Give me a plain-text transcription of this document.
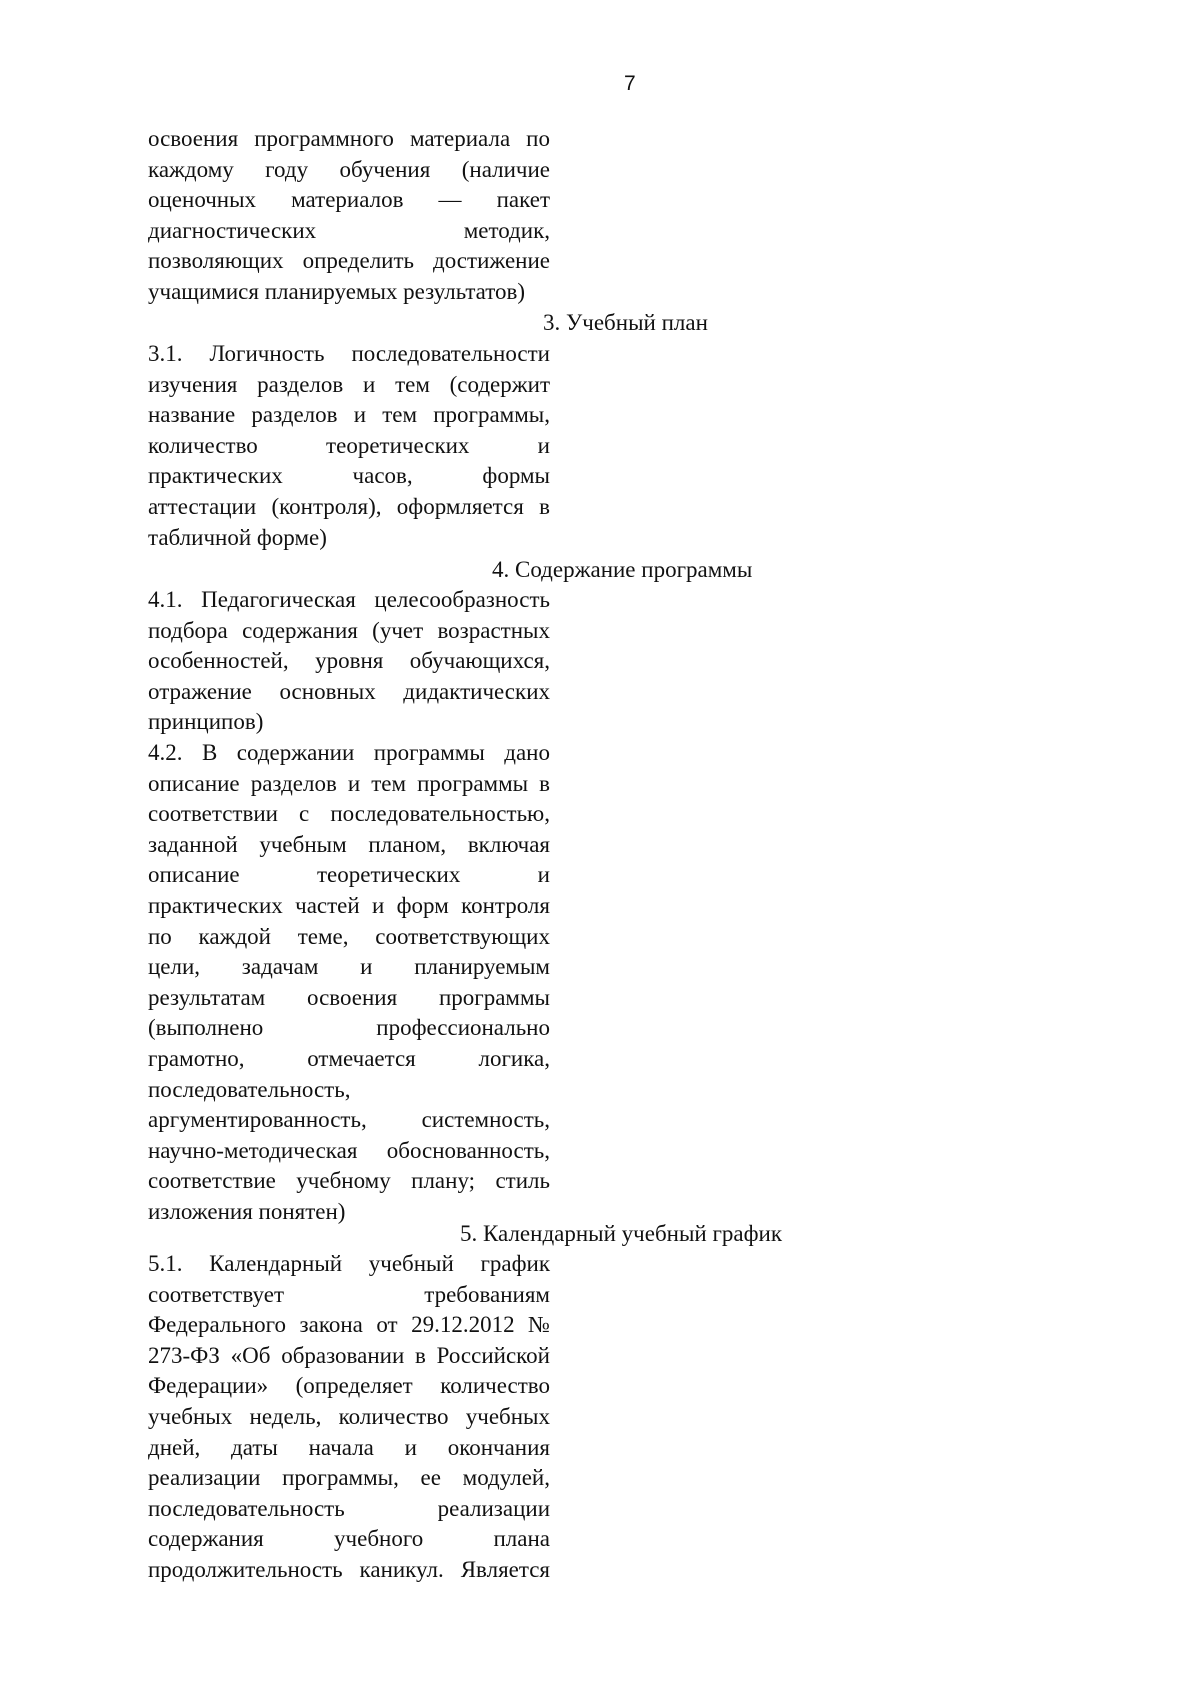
7
освоения программного материала по
каждому году обучения (наличие
оценочных материалов — пакет
диагностических методик,
позволяющих определить достижение
учащимися планируемых результатов)
3. Учебный план
3.1. Логичность последовательности
изучения разделов и тем (содержит
название разделов и тем программы,
количество теоретических и
практических часов, формы
аттестации (контроля), оформляется в
табличной форме)
4. Содержание программы
4.1. Педагогическая целесообразность
подбора содержания (учет возрастных
особенностей, уровня обучающихся,
отражение основных дидактических
принципов)
4.2. В содержании программы дано
описание разделов и тем программы в
соответствии с последовательностью,
заданной учебным планом, включая
описание теоретических и
практических частей и форм контроля
по каждой теме, соответствующих
цели, задачам и планируемым
результатам освоения программы
(выполнено профессионально
грамотно, отмечается логика,
последовательность,
аргументированность, системность,
научно-методическая обоснованность,
соответствие учебному плану; стиль
изложения понятен)
5. Календарный учебный график
5.1. Календарный учебный график
соответствует требованиям
Федерального закона от 29.12.2012 №
273-ФЗ «Об образовании в Российской
Федерации» (определяет количество
учебных недель, количество учебных
дней, даты начала и окончания
реализации программы, ее модулей,
последовательность реализации
содержания учебного плана
продолжительность каникул. Является
